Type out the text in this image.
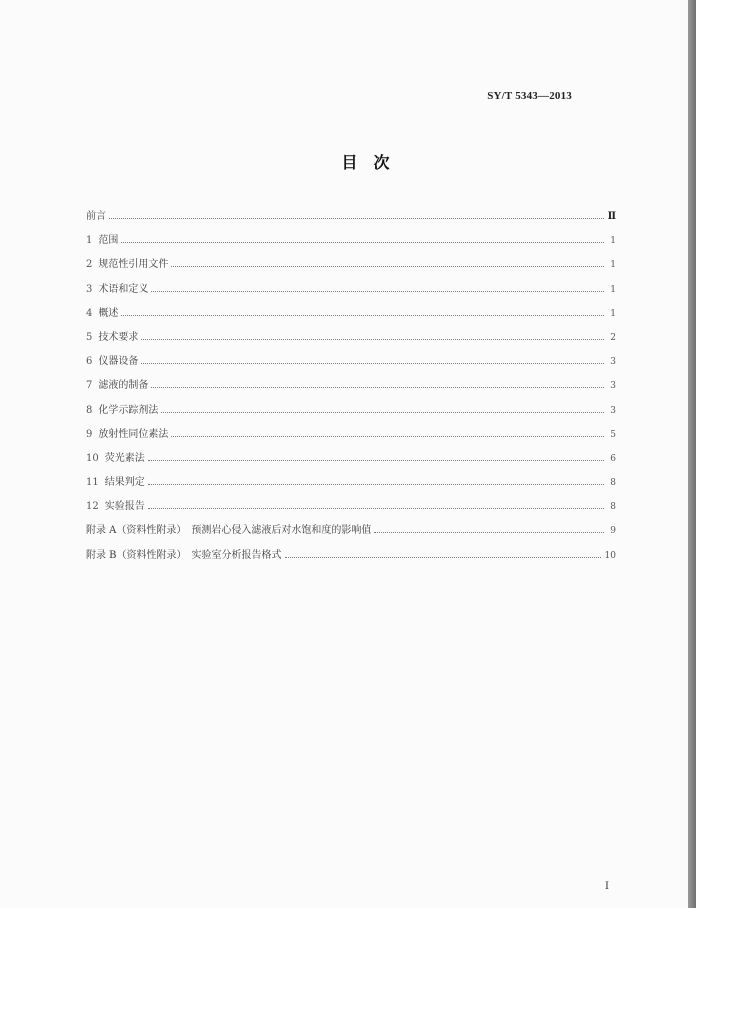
SY/T 5343—2013
目　次
前言	Ⅱ
1 范围	1
2 规范性引用文件	1
3 术语和定义	1
4 概述	1
5 技术要求	2
6 仪器设备	3
7 滤液的制备	3
8 化学示踪剂法	3
9 放射性同位素法	5
10 荧光素法	6
11 结果判定	8
12 实验报告	8
附录 A（资料性附录）　预测岩心侵入滤液后对水饱和度的影响值	9
附录 B（资料性附录）　实验室分析报告格式	10
I
